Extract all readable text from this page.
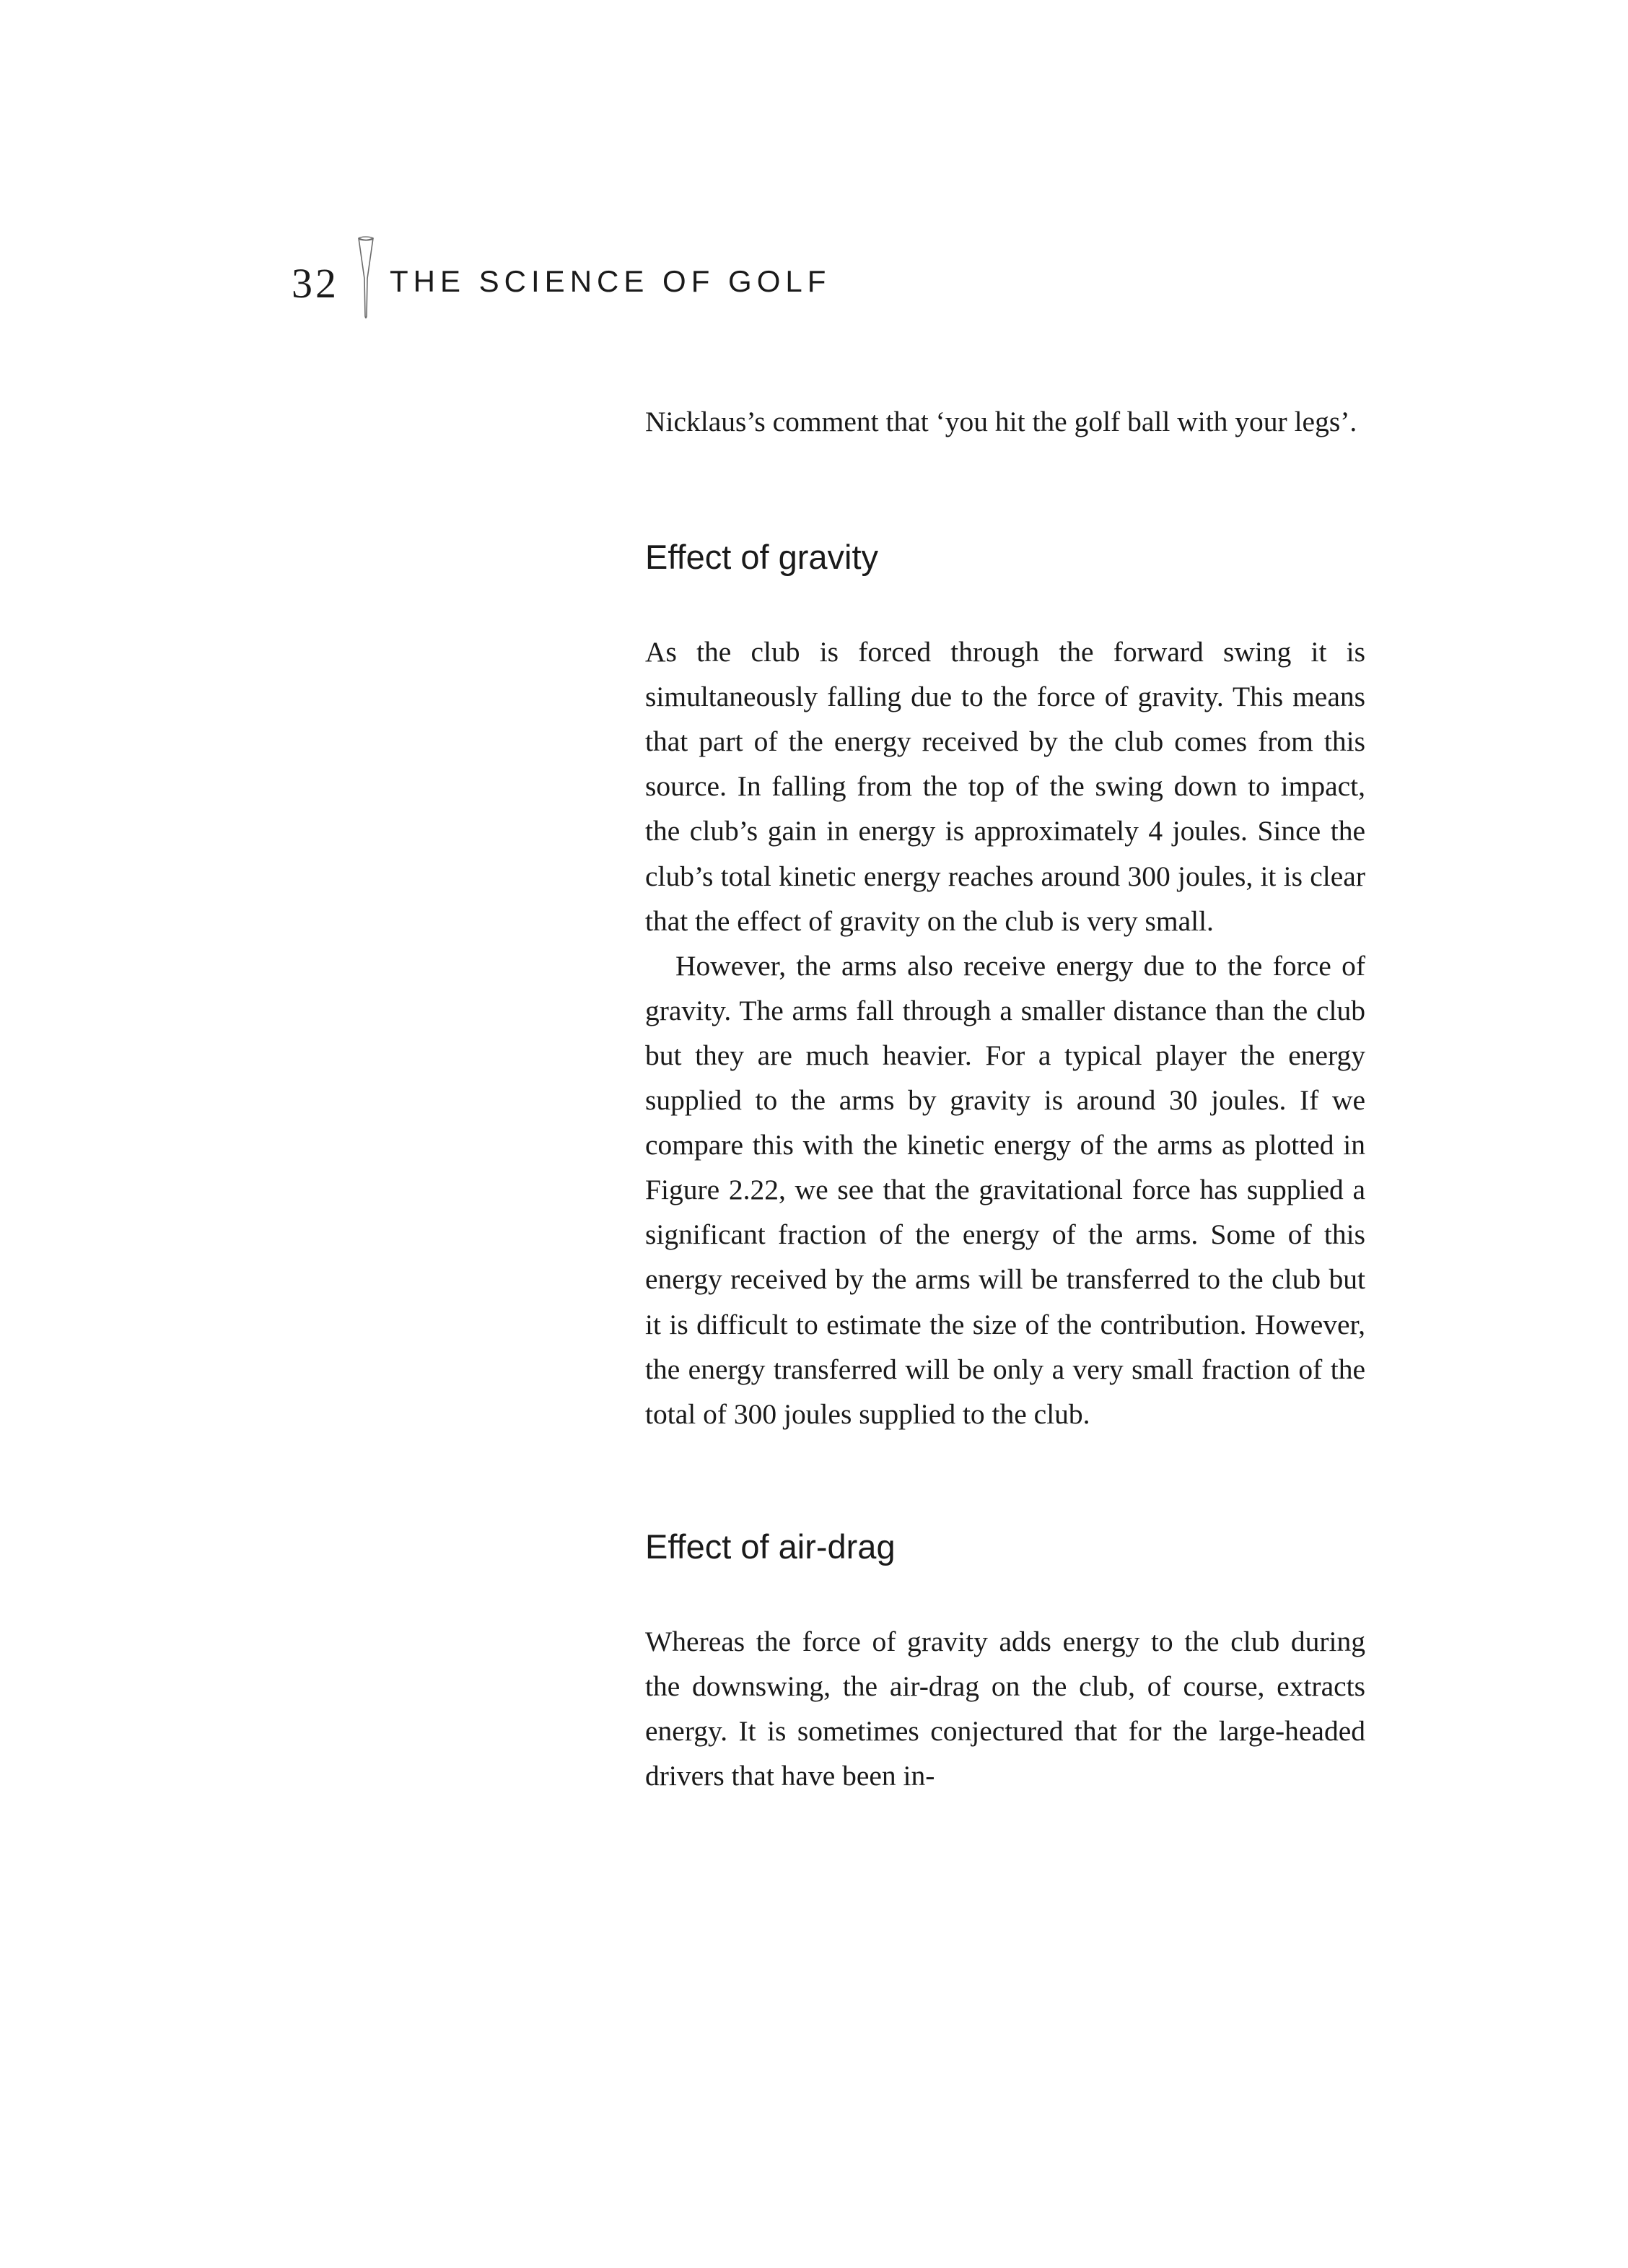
32 THE SCIENCE OF GOLF

Nicklaus’s comment that ‘you hit the golf ball with your legs’.

Effect of gravity

As the club is forced through the forward swing it is simultaneously falling due to the force of gravity. This means that part of the energy received by the club comes from this source. In falling from the top of the swing down to impact, the club’s gain in energy is approximately 4 joules. Since the club’s total kinetic energy reaches around 300 joules, it is clear that the effect of gravity on the club is very small.

However, the arms also receive energy due to the force of gravity. The arms fall through a smaller distance than the club but they are much heavier. For a typical player the energy supplied to the arms by gravity is around 30 joules. If we compare this with the kinetic energy of the arms as plotted in Figure 2.22, we see that the gravitational force has supplied a significant fraction of the energy of the arms. Some of this energy received by the arms will be transferred to the club but it is difficult to estimate the size of the contribution. However, the energy transferred will be only a very small fraction of the total of 300 joules supplied to the club.

Effect of air-drag

Whereas the force of gravity adds energy to the club during the downswing, the air-drag on the club, of course, extracts energy. It is sometimes conjectured that for the large-headed drivers that have been in-
